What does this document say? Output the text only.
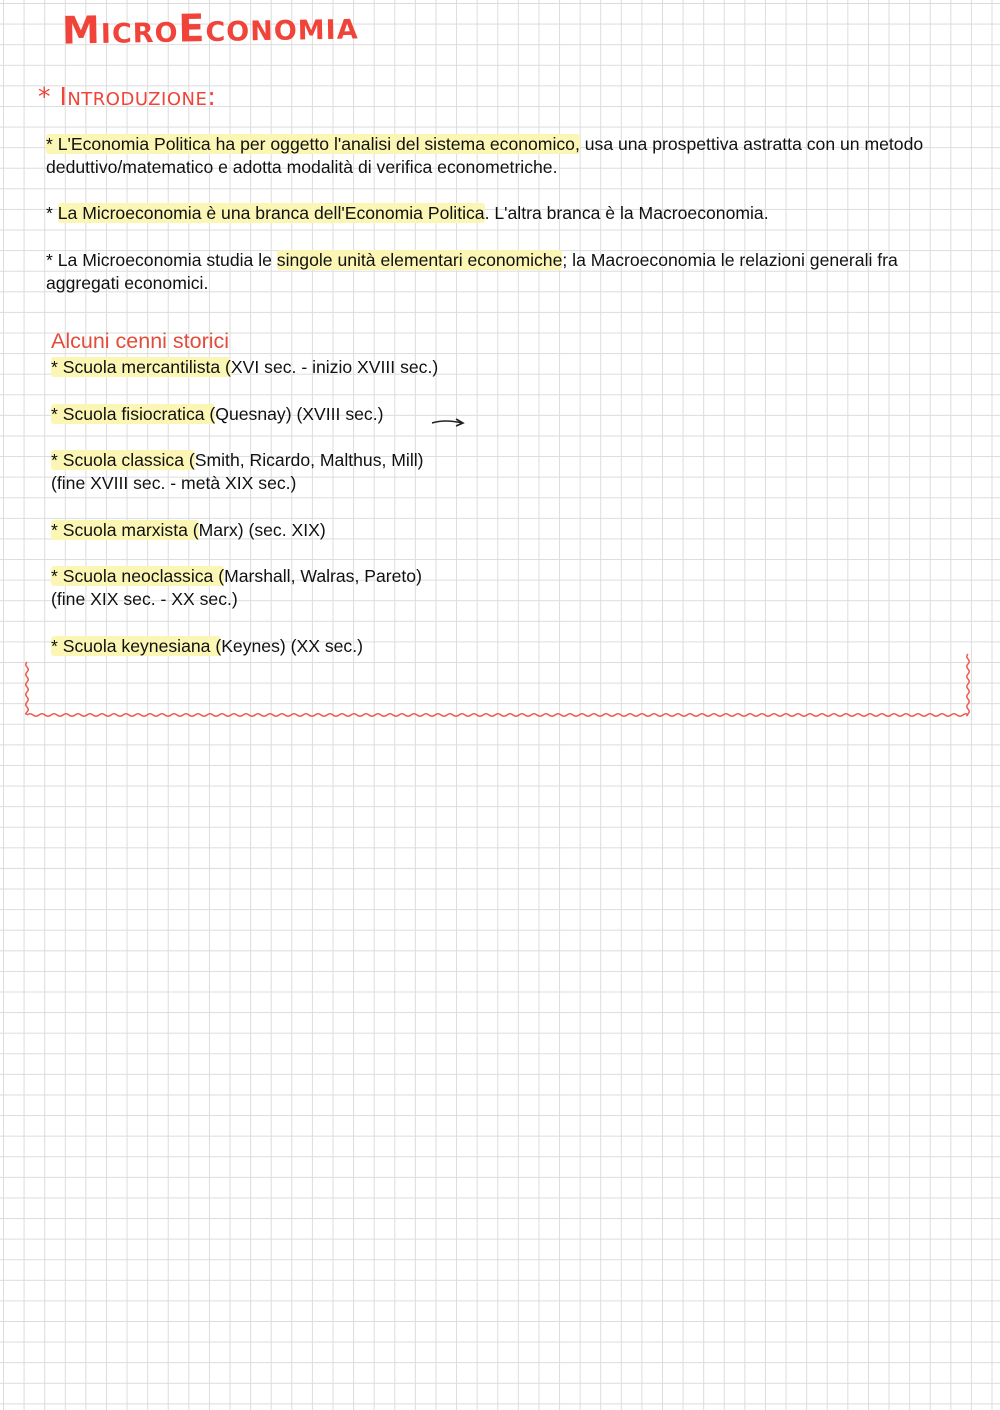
MicroEconomia
* Introduzione:

* L'Economia Politica ha per oggetto l'analisi del sistema economico, usa una prospettiva astratta con un metodo deduttivo/matematico e adotta modalità di verifica econometriche.

* La Microeconomia è una branca dell'Economia Politica. L'altra branca è la Macroeconomia.

* La Microeconomia studia le singole unità elementari economiche; la Macroeconomia le relazioni generali fra aggregati economici.

Alcuni cenni storici

* Scuola mercantilista (XVI sec. - inizio XVIII sec.)

* Scuola fisiocratica (Quesnay) (XVIII sec.)

* Scuola classica (Smith, Ricardo, Malthus, Mill)
(fine XVIII sec. - metà XIX sec.)

* Scuola marxista (Marx) (sec. XIX)

* Scuola neoclassica (Marshall, Walras, Pareto)
(fine XIX sec. - XX sec.)

* Scuola keynesiana (Keynes) (XX sec.)
